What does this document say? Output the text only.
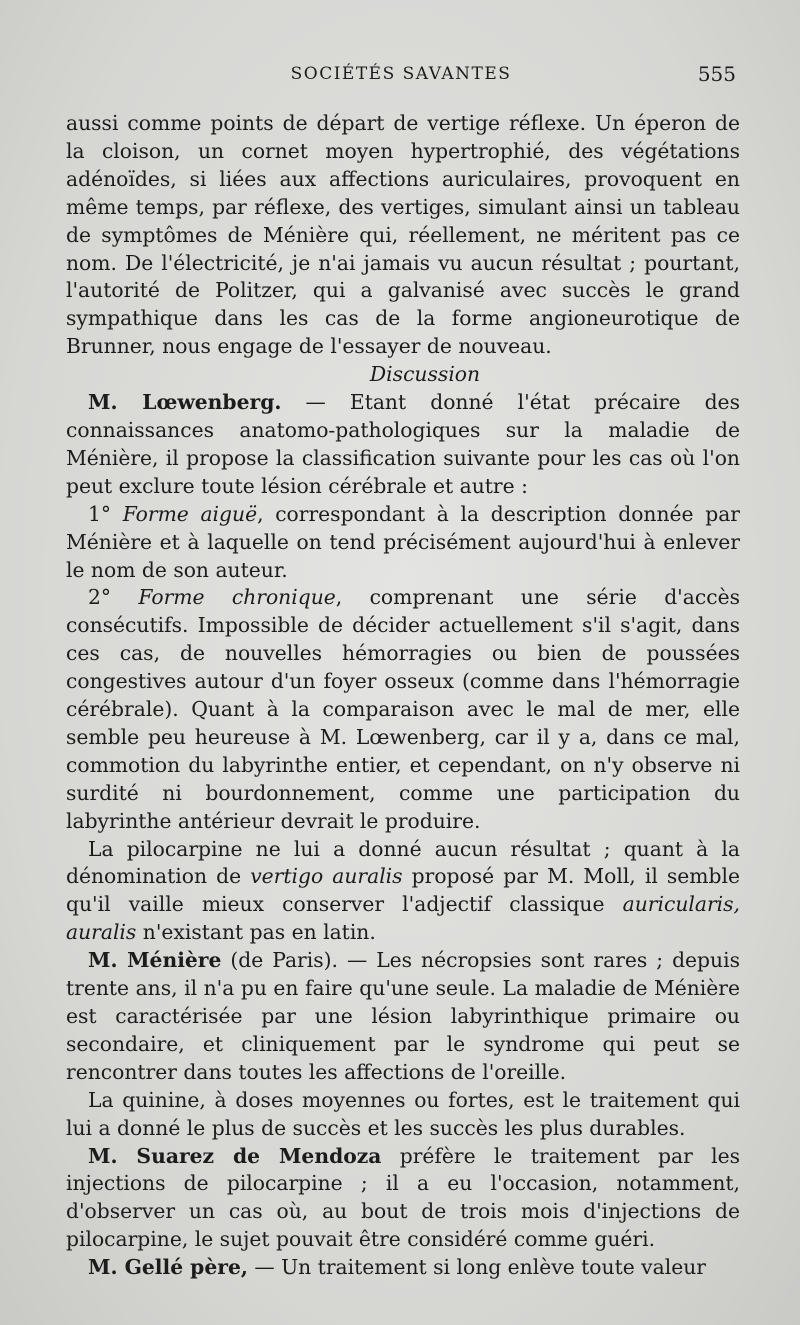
SOCIÉTÉS SAVANTES	555

aussi comme points de départ de vertige réflexe. Un éperon de la cloison, un cornet moyen hypertrophié, des végétations adénoïdes, si liées aux affections auriculaires, provoquent en même temps, par réflexe, des vertiges, simulant ainsi un tableau de symptômes de Ménière qui, réellement, ne méritent pas ce nom. De l'électricité, je n'ai jamais vu aucun résultat ; pourtant, l'autorité de Politzer, qui a galvanisé avec succès le grand sympathique dans les cas de la forme angioneurotique de Brunner, nous engage de l'essayer de nouveau.

Discussion

M. Lœwenberg. — Etant donné l'état précaire des connaissances anatomo-pathologiques sur la maladie de Ménière, il propose la classification suivante pour les cas où l'on peut exclure toute lésion cérébrale et autre :

1° Forme aiguë, correspondant à la description donnée par Ménière et à laquelle on tend précisément aujourd'hui à enlever le nom de son auteur.

2° Forme chronique, comprenant une série d'accès consécutifs. Impossible de décider actuellement s'il s'agit, dans ces cas, de nouvelles hémorragies ou bien de poussées congestives autour d'un foyer osseux (comme dans l'hémorragie cérébrale). Quant à la comparaison avec le mal de mer, elle semble peu heureuse à M. Lœwenberg, car il y a, dans ce mal, commotion du labyrinthe entier, et cependant, on n'y observe ni surdité ni bourdonnement, comme une participation du labyrinthe antérieur devrait le produire.

La pilocarpine ne lui a donné aucun résultat ; quant à la dénomination de vertigo auralis proposé par M. Moll, il semble qu'il vaille mieux conserver l'adjectif classique auricularis, auralis n'existant pas en latin.

M. Ménière (de Paris). — Les nécropsies sont rares ; depuis trente ans, il n'a pu en faire qu'une seule. La maladie de Ménière est caractérisée par une lésion labyrinthique primaire ou secondaire, et cliniquement par le syndrome qui peut se rencontrer dans toutes les affections de l'oreille.

La quinine, à doses moyennes ou fortes, est le traitement qui lui a donné le plus de succès et les succès les plus durables.

M. Suarez de Mendoza préfère le traitement par les injections de pilocarpine ; il a eu l'occasion, notamment, d'observer un cas où, au bout de trois mois d'injections de pilocarpine, le sujet pouvait être considéré comme guéri.

M. Gellé père, — Un traitement si long enlève toute valeur
